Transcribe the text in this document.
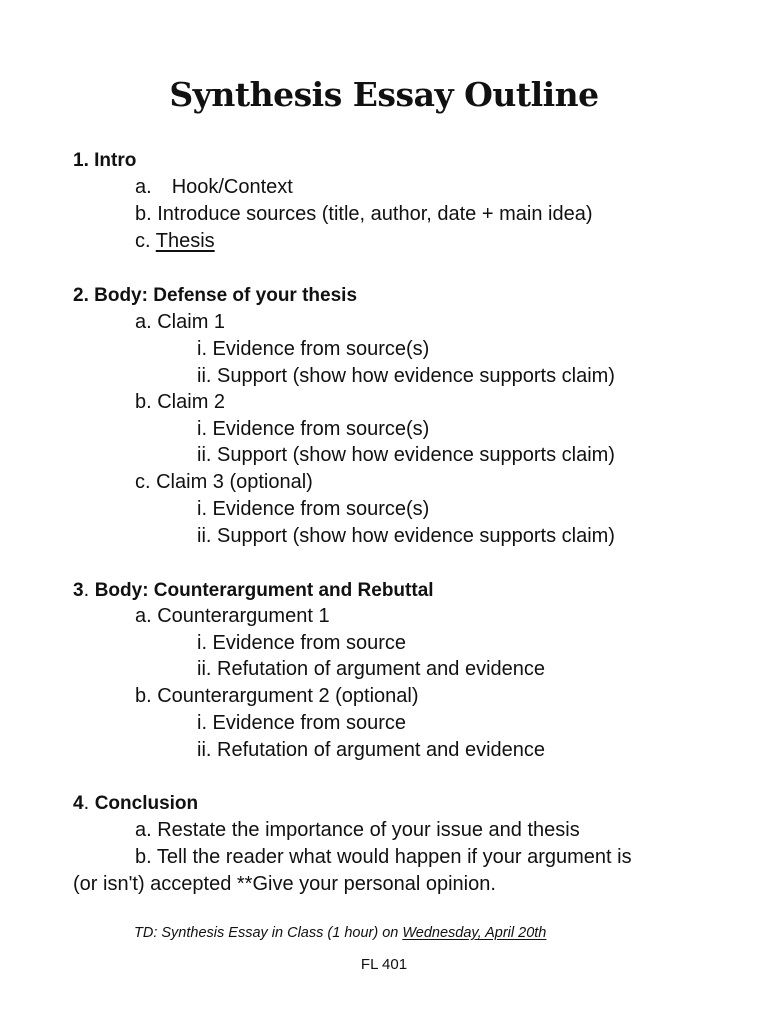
Synthesis Essay Outline
1. Intro
a. Hook/Context
b. Introduce sources (title, author, date + main idea)
c. Thesis
2. Body: Defense of your thesis
a. Claim 1
i. Evidence from source(s)
ii. Support (show how evidence supports claim)
b. Claim 2
i. Evidence from source(s)
ii. Support (show how evidence supports claim)
c. Claim 3 (optional)
i. Evidence from source(s)
ii. Support (show how evidence supports claim)
3. Body: Counterargument and Rebuttal
a. Counterargument 1
i. Evidence from source
ii. Refutation of argument and evidence
b. Counterargument 2 (optional)
i. Evidence from source
ii. Refutation of argument and evidence
4. Conclusion
a. Restate the importance of your issue and thesis
b. Tell the reader what would happen if your argument is
(or isn't) accepted **Give your personal opinion.
TD: Synthesis Essay in Class (1 hour) on Wednesday, April 20th
FL 401
